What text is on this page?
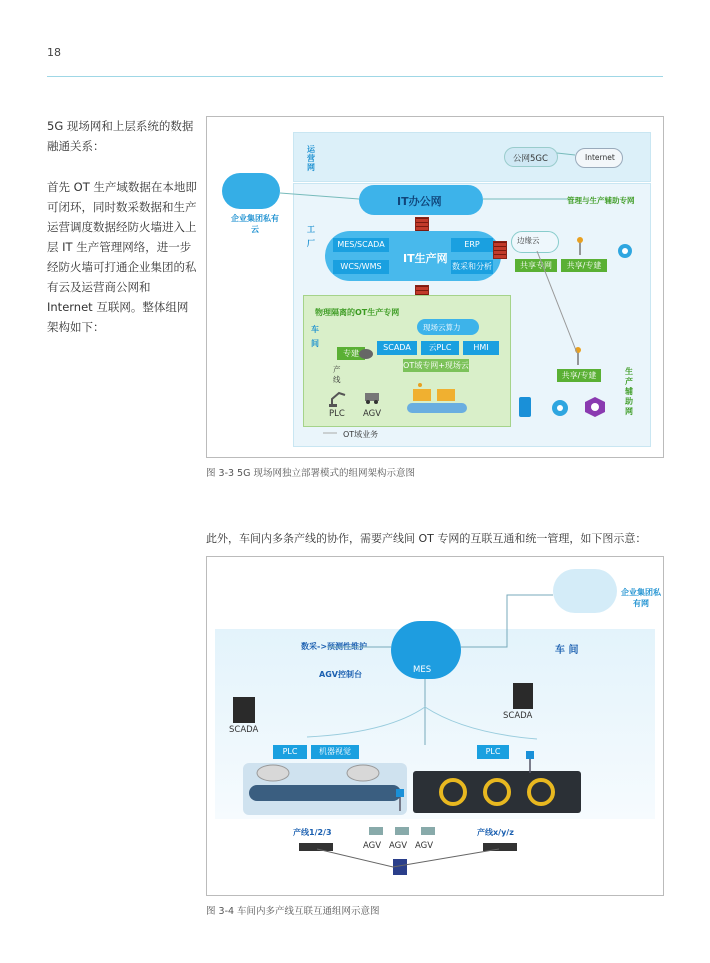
18
5G 现场网和上层系统的数据融通关系：
首先 OT 生产域数据在本地即可闭环，同时数采数据和生产运营调度数据经防火墙进入上层 IT 生产管理网络，进一步经防火墙可打通企业集团的私有云及运营商公网和 Internet 互联网。整体组网架构如下：
运营网
公网5GC	Internet
工厂
企业集团私有云
IT办公网	管理与生产辅助专网
MES/SCADA
WCS/WMS
IT生产网
ERP
数采和分析
边缘云
共享专网	共享/专建
物理隔离的OT生产专网
车间
现场云算力
SCADA	云PLC	HMI
专建
产线
OT域专网+现场云
PLC AGV
共享/专建	生产辅助网
OT域业务
图 3-3 5G 现场网独立部署模式的组网架构示意图
此外，车间内多条产线的协作，需要产线间 OT 专网的互联互通和统一管理，如下图示意：
企业集团私有网
数采->预测性维护	车 间
AGV控制台	MES
SCADA
SCADA
PLC	机器视觉	PLC
产线1/2/3	产线x/y/z
AGV AGV AGV
图 3-4 车间内多产线互联互通组网示意图
